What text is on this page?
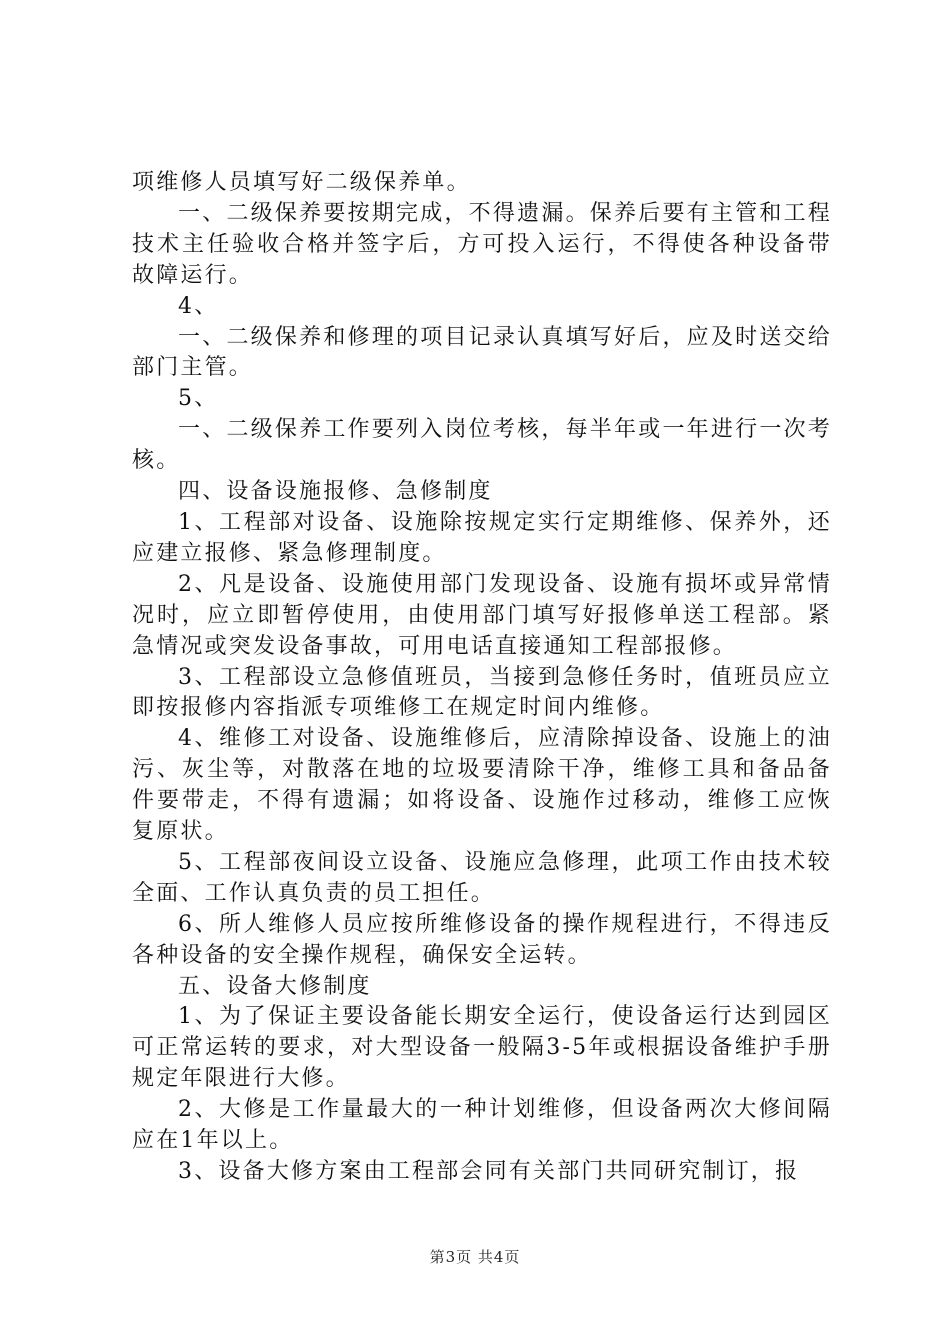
项维修人员填写好二级保养单。

一、二级保养要按期完成，不得遗漏。保养后要有主管和工程技术主任验收合格并签字后，方可投入运行，不得使各种设备带故障运行。

4、

一、二级保养和修理的项目记录认真填写好后，应及时送交给部门主管。

5、

一、二级保养工作要列入岗位考核，每半年或一年进行一次考核。

四、设备设施报修、急修制度

1、工程部对设备、设施除按规定实行定期维修、保养外，还应建立报修、紧急修理制度。

2、凡是设备、设施使用部门发现设备、设施有损坏或异常情况时，应立即暂停使用，由使用部门填写好报修单送工程部。紧急情况或突发设备事故，可用电话直接通知工程部报修。

3、工程部设立急修值班员，当接到急修任务时，值班员应立即按报修内容指派专项维修工在规定时间内维修。

4、维修工对设备、设施维修后，应清除掉设备、设施上的油污、灰尘等，对散落在地的垃圾要清除干净，维修工具和备品备件要带走，不得有遗漏；如将设备、设施作过移动，维修工应恢复原状。

5、工程部夜间设立设备、设施应急修理，此项工作由技术较全面、工作认真负责的员工担任。

6、所人维修人员应按所维修设备的操作规程进行，不得违反各种设备的安全操作规程，确保安全运转。

五、设备大修制度

1、为了保证主要设备能长期安全运行，使设备运行达到园区可正常运转的要求，对大型设备一般隔3-5年或根据设备维护手册规定年限进行大修。

2、大修是工作量最大的一种计划维修，但设备两次大修间隔应在1年以上。

3、设备大修方案由工程部会同有关部门共同研究制订，报

第3页 共4页
